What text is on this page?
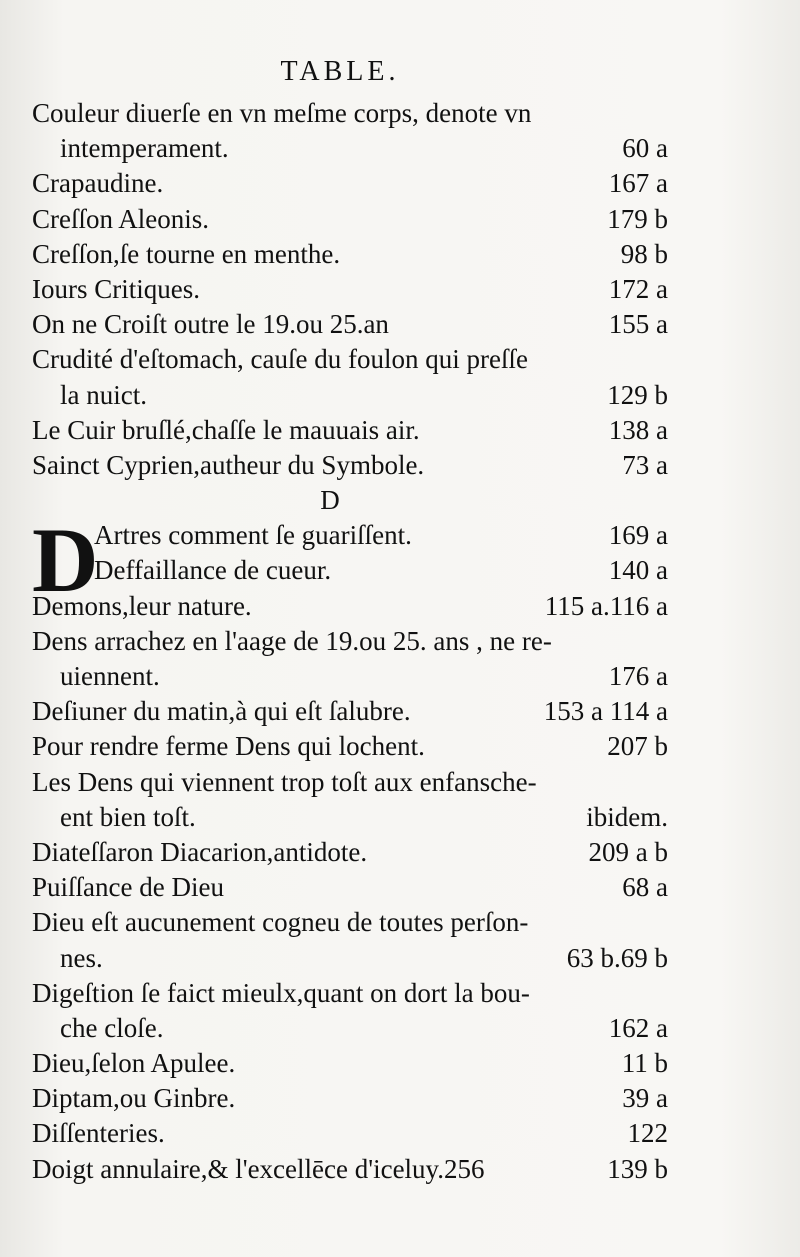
TABLE.
D
Couleur diuerſe en vn meſme corps, denote vn
intemperament.	60 a
Crapaudine.	167 a
Creſſon Aleonis.	179 b
Creſſon,ſe tourne en menthe.	98 b
Iours Critiques.	172 a
On ne Croiſt outre le 19.ou 25.an	155 a
Crudité d'eſtomach, cauſe du foulon qui preſſe
la nuict.	129 b
Le Cuir bruſlé,chaſſe le mauuais air.	138 a
Sainct Cyprien,autheur du Symbole.	73 a
D
Artres comment ſe guariſſent.	169 a
Deffaillance de cueur.	140 a
Demons,leur nature.	115 a.116 a
Dens arrachez en l'aage de 19.ou 25. ans , ne re-
uiennent.	176 a
Deſiuner du matin,à qui eſt ſalubre.	153 a 114 a
Pour rendre ferme Dens qui lochent.	207 b
Les Dens qui viennent trop toſt aux enfansche-
ent bien toſt.	ibidem.
Diateſſaron Diacarion,antidote.	209 a b
Puiſſance de Dieu	68 a
Dieu eſt aucunement cogneu de toutes perſon-
nes.	63 b.69 b
Digeſtion ſe faict mieulx,quant on dort la bou-
che cloſe.	162 a
Dieu,ſelon Apulee.	11 b
Diptam,ou Ginbre.	39 a
Diſſenteries.	122
Doigt annulaire,& l'excellēce d'iceluy.256	139 b
